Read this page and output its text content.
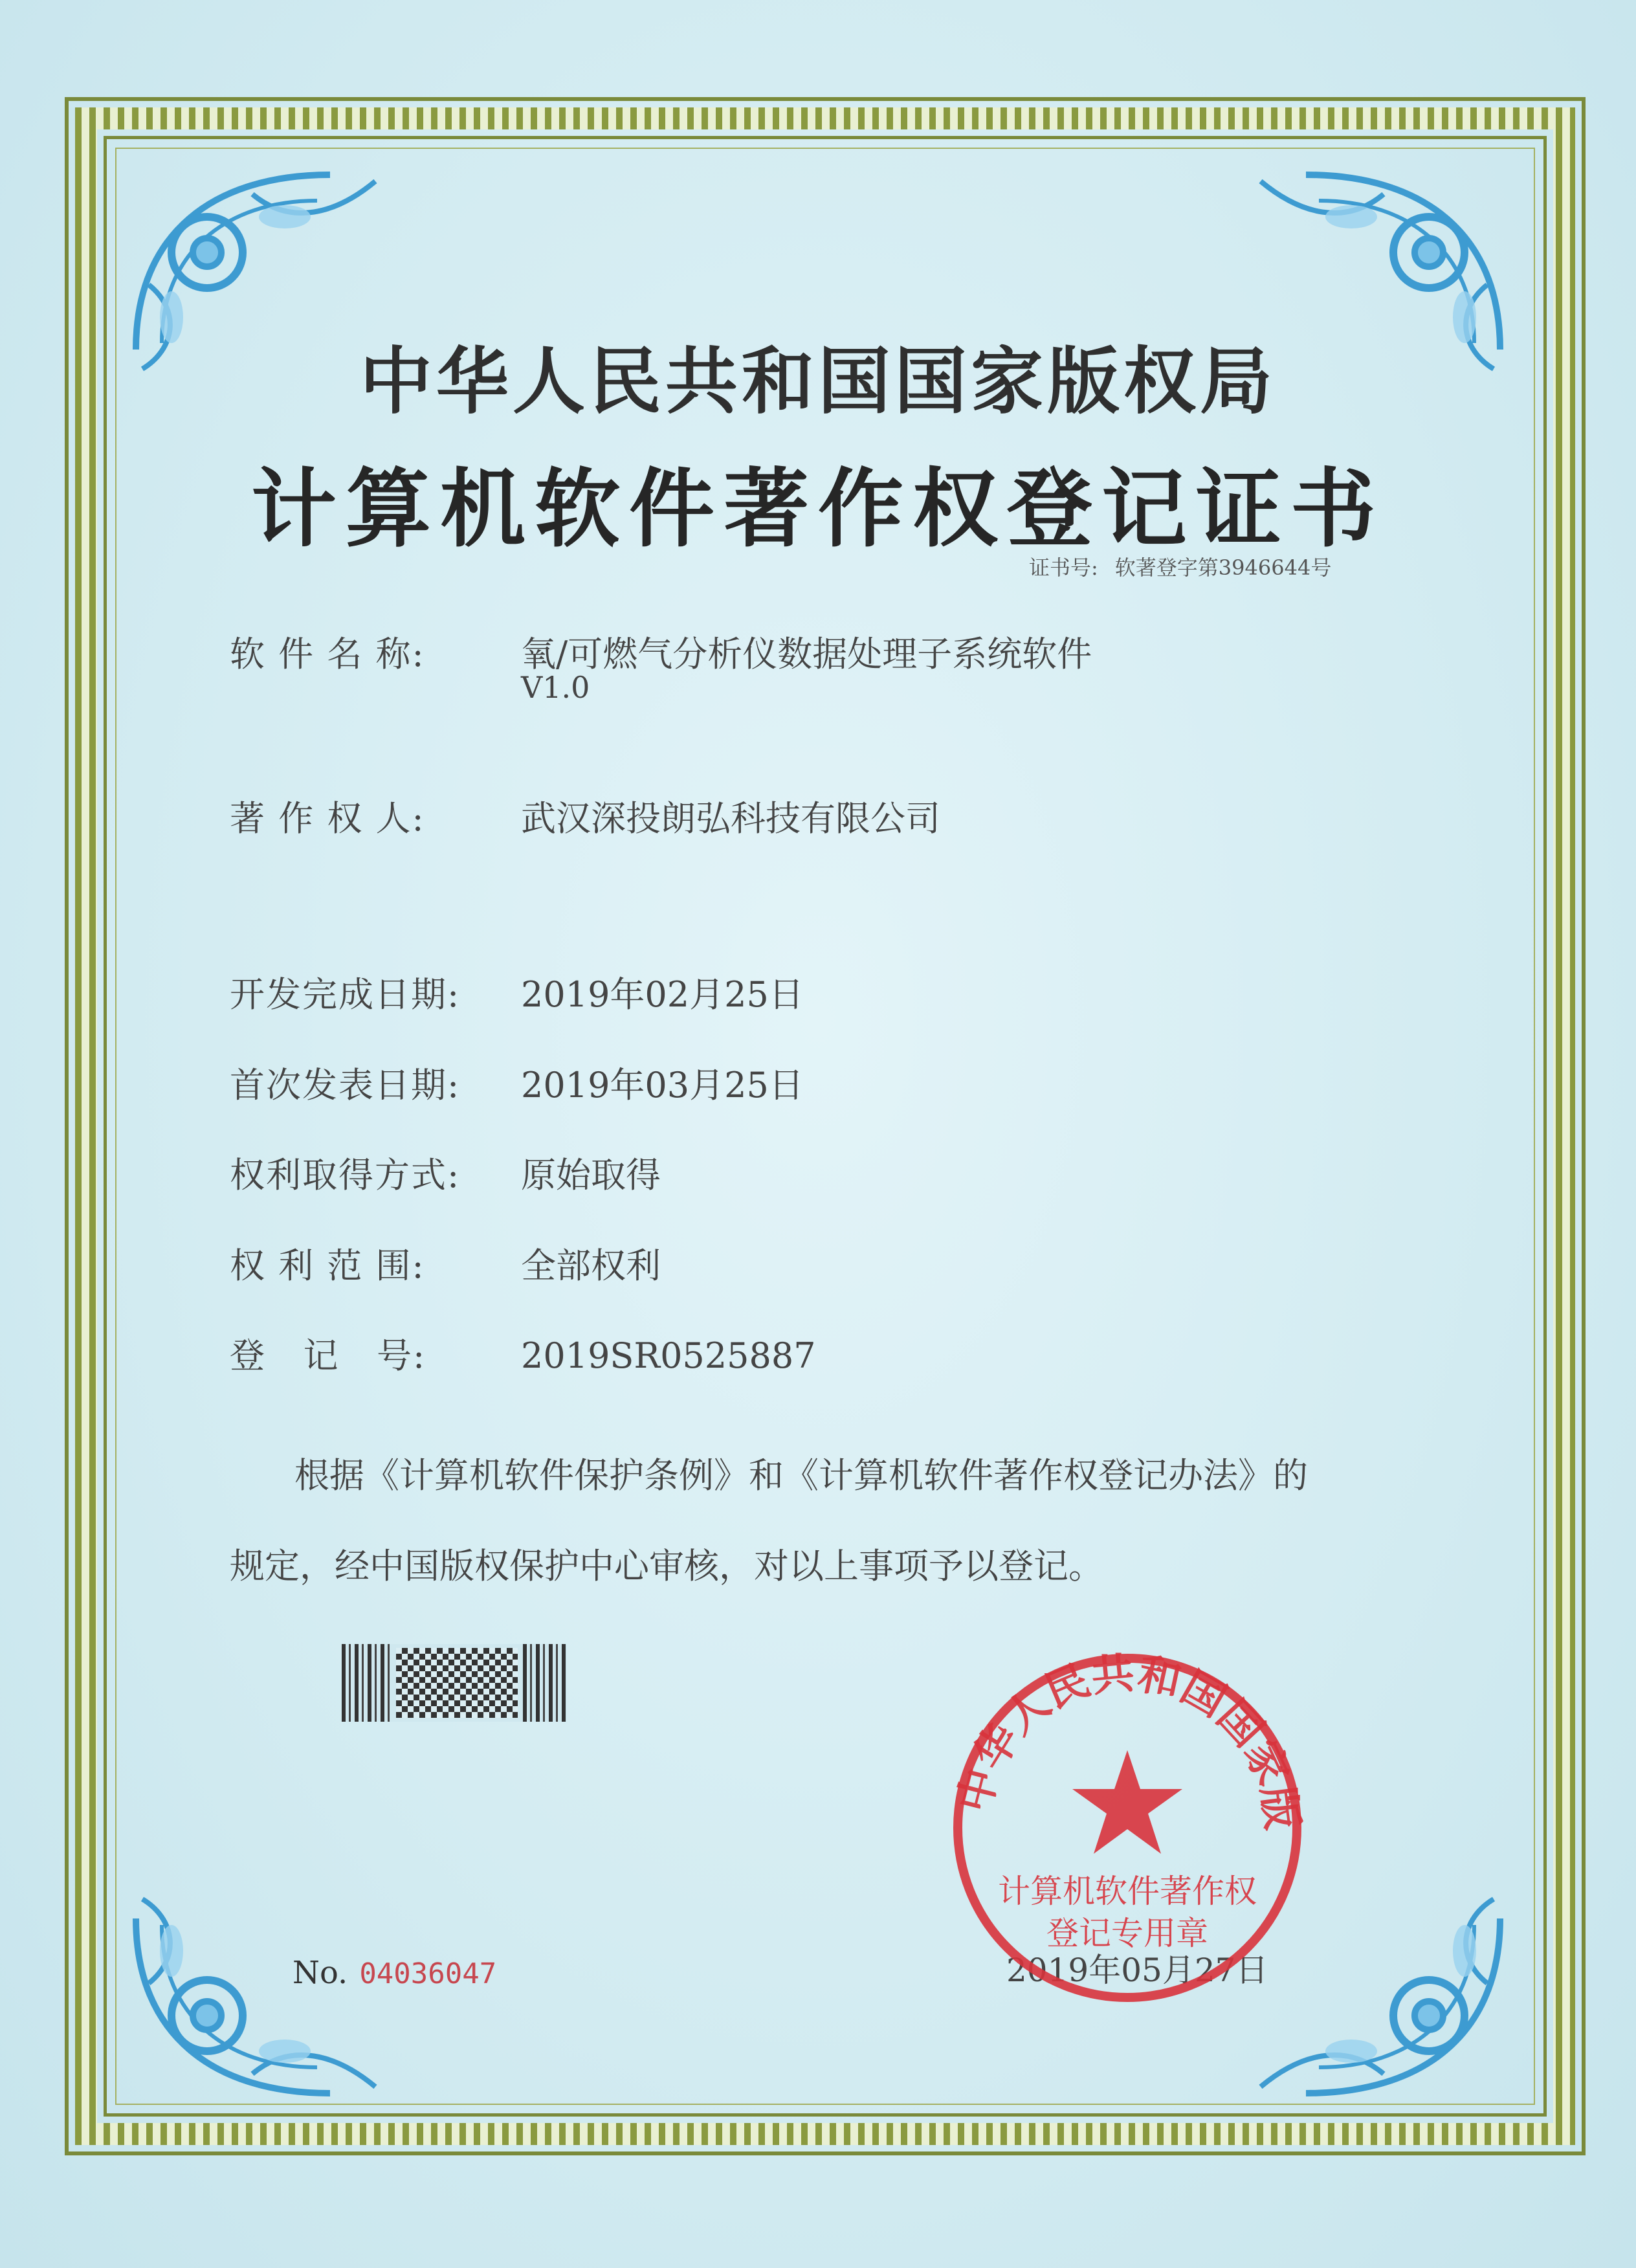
中华人民共和国国家版权局
计算机软件著作权登记证书
证书号: 软著登字第3946644号
软 件 名 称:	氧/可燃气分析仪数据处理子系统软件
V1.0
著 作 权 人:	武汉深投朗弘科技有限公司
开发完成日期: 2019年02月25日
首次发表日期: 2019年03月25日
权利取得方式: 原始取得
权 利 范 围:	全部权利
登   记   号:	2019SR0525887
根据《计算机软件保护条例》和《计算机软件著作权登记办法》的
规定，经中国版权保护中心审核，对以上事项予以登记。
No. 04036047	2019年05月27日
中华人民共和国国家版
计算机软件著作权
登记专用章
